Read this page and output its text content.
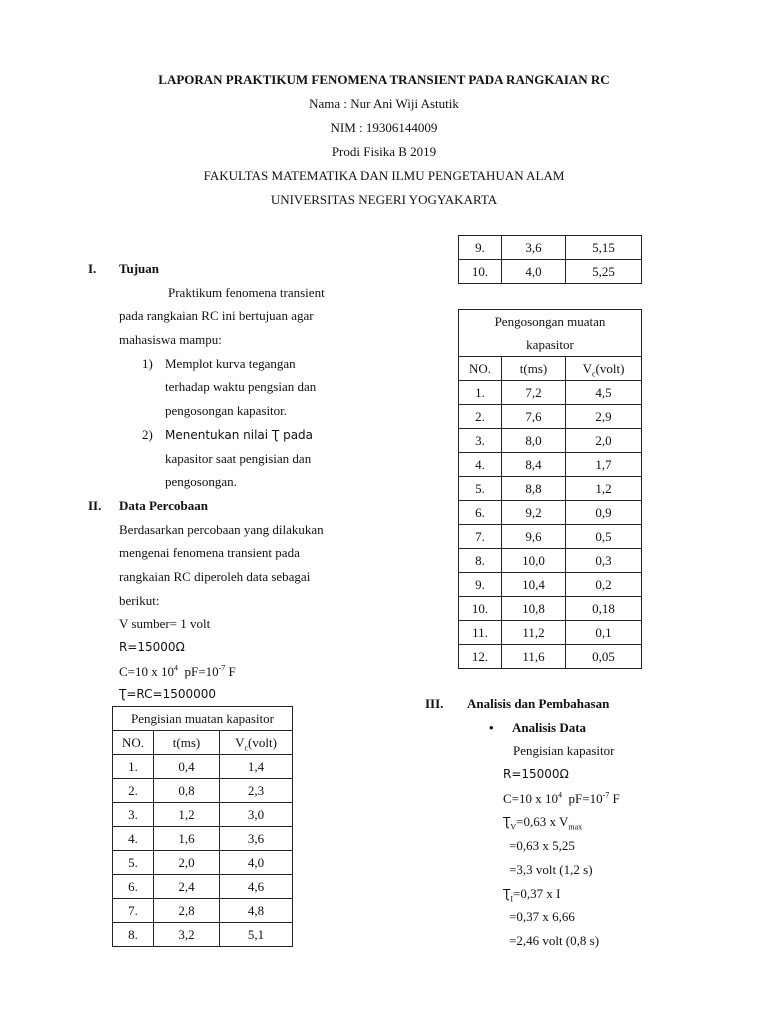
LAPORAN PRAKTIKUM FENOMENA TRANSIENT PADA RANGKAIAN RC
Nama : Nur Ani Wiji Astutik
NIM : 19306144009
Prodi Fisika B 2019
FAKULTAS MATEMATIKA DAN ILMU PENGETAHUAN ALAM
UNIVERSITAS NEGERI YOGYAKARTA
I.	Tujuan
Praktikum fenomena transient
pada rangkaian RC ini bertujuan agar
mahasiswa mampu:
1) Memplot kurva tegangan
terhadap waktu pengsian dan
pengosongan kapasitor.
2) Menentukan nilai Ʈ pada
kapasitor saat pengisian dan
pengosongan.
II.	Data Percobaan
Berdasarkan percobaan yang dilakukan
mengenai fenomena transient pada
rangkaian RC diperoleh data sebagai
berikut:
V sumber= 1 volt
R=15000Ω
C=10 x $10^4$  $pF=10^{-7}$ F
Ʈ=RC=1500000
Pengisian muatan kapasitor		
NO.	t(ms)	$V_c(volt)$
1.	0,4	1,4
2.	0,8	2,3
3.	1,2	3,0
4.	1,6	3,6
5.	2,0	4,0
6.	2,4	4,6
7.	2,8	4,8
8.	3,2	5,1
9.	3,6	5,15
10.	4,0	5,25
Pengosongan muatan
kapasitor		

NO.	t(ms)	$V_c(volt)$
1.	7,2	4,5
2.	7,6	2,9
3.	8,0	2,0
4.	8,4	1,7
5.	8,8	1,2
6.	9,2	0,9
7.	9,6	0,5
8.	10,0	0,3
9.	10,4	0,2
10.	10,8	0,18
11.	11,2	0,1
12.	11,6	0,05
III. Analisis dan Pembahasan
• Analisis Data
Pengisian kapasitor
R=15000Ω
C=10 x $10^4$  $pF=10^{-7}$ F
$Ʈ_V=0,63$ x $V_{max}$
=0,63 x 5,25
=3,3 volt (1,2 s)
$Ʈ_I=0,37$ x I
=0,37 x 6,66
=2,46 volt (0,8 s)
